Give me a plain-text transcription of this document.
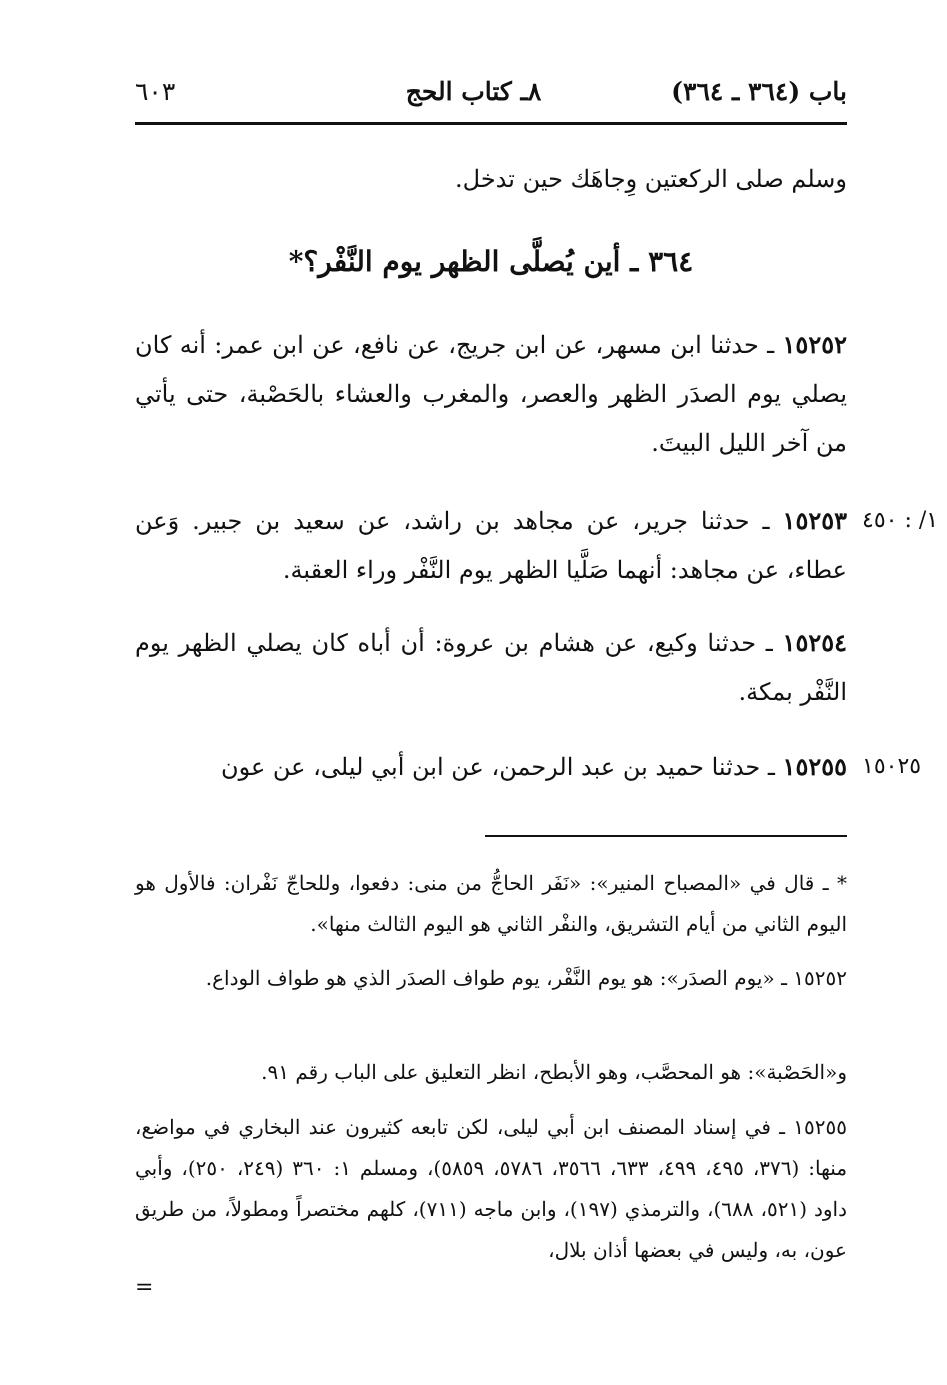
باب (٣٦٤ ـ ٣٦٤)
٨ـ كتاب الحج
٦٠٣
وسلم صلى الركعتين وِجاهَك حين تدخل.
٣٦٤ ـ أين يُصلَّى الظهر يوم النَّفْر؟*
١٥٢٥٢ ـ حدثنا ابن مسهر، عن ابن جريج، عن نافع، عن ابن عمر: أنه كان يصلي يوم الصدَر الظهر والعصر، والمغرب والعشاء بالحَصْبة، حتى يأتي من آخر الليل البيتَ.
١/ : ٤٥٠
١٥٢٥٣ ـ حدثنا جرير، عن مجاهد بن راشد، عن سعيد بن جبير. وَعن عطاء، عن مجاهد: أنهما صَلَّيا الظهر يوم النَّفْر وراء العقبة.
١٥٢٥٤ ـ حدثنا وكيع، عن هشام بن عروة: أن أباه كان يصلي الظهر يوم النَّفْر بمكة.
١٥٠٢٥
١٥٢٥٥ ـ حدثنا حميد بن عبد الرحمن، عن ابن أبي ليلى، عن عون
* ـ قال في «المصباح المنير»: «نَفَر الحاجُّ من منى: دفعوا، وللحاجّ نَفْران: فالأول هو اليوم الثاني من أيام التشريق، والنفْر الثاني هو اليوم الثالث منها».
١٥٢٥٢ ـ «يوم الصدَر»: هو يوم النَّفْر، يوم طواف الصدَر الذي هو طواف الوداع.
و«الحَصْبة»: هو المحصَّب، وهو الأبطح، انظر التعليق على الباب رقم ٩١.
١٥٢٥٥ ـ في إسناد المصنف ابن أبي ليلى، لكن تابعه كثيرون عند البخاري في مواضع، منها: (٣٧٦، ٤٩٥، ٤٩٩، ٦٣٣، ٣٥٦٦، ٥٧٨٦، ٥٨٥٩)، ومسلم ١: ٣٦٠ (٢٤٩، ٢٥٠)، وأبي داود (٥٢١، ٦٨٨)، والترمذي (١٩٧)، وابن ماجه (٧١١)، كلهم مختصراً ومطولاً، من طريق عون، به، وليس في بعضها أذان بلال،
=
